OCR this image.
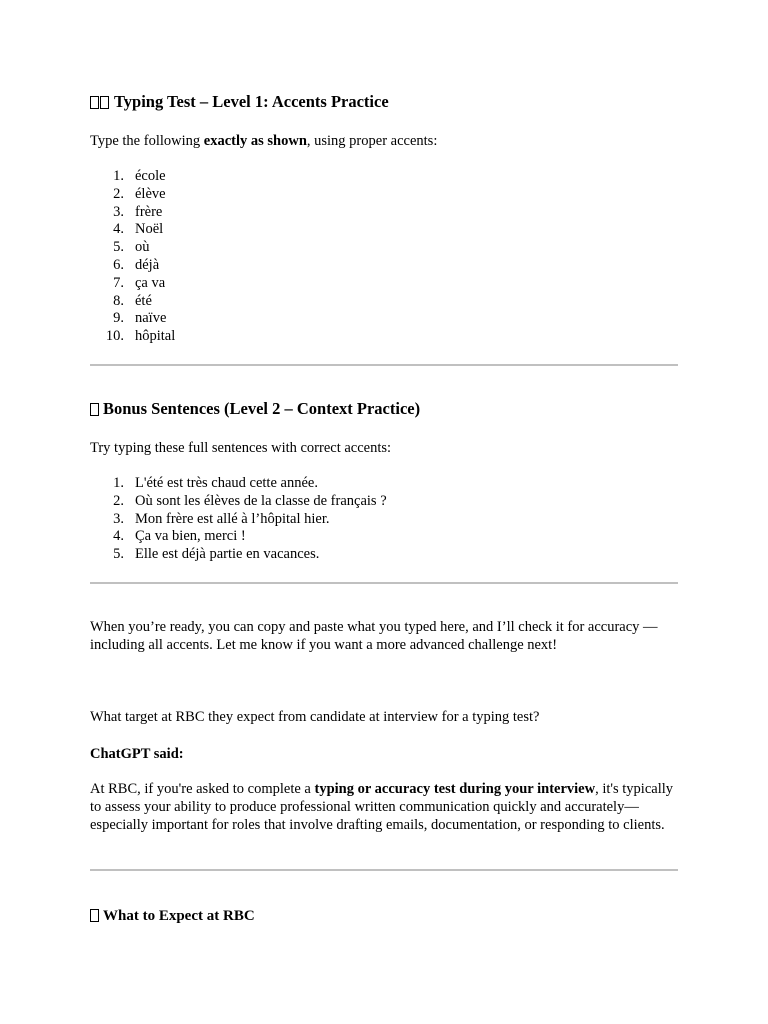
Typing Test – Level 1: Accents Practice
Type the following exactly as shown, using proper accents:
1. école
2. élève
3. frère
4. Noël
5. où
6. déjà
7. ça va
8. été
9. naïve
10. hôpital
Bonus Sentences (Level 2 – Context Practice)
Try typing these full sentences with correct accents:
1. L'été est très chaud cette année.
2. Où sont les élèves de la classe de français ?
3. Mon frère est allé à l’hôpital hier.
4. Ça va bien, merci !
5. Elle est déjà partie en vacances.
When you’re ready, you can copy and paste what you typed here, and I’ll check it for accuracy — including all accents. Let me know if you want a more advanced challenge next!
What target at RBC they expect from candidate at interview for a typing test?
ChatGPT said:
At RBC, if you're asked to complete a typing or accuracy test during your interview, it's typically to assess your ability to produce professional written communication quickly and accurately—especially important for roles that involve drafting emails, documentation, or responding to clients.
What to Expect at RBC
